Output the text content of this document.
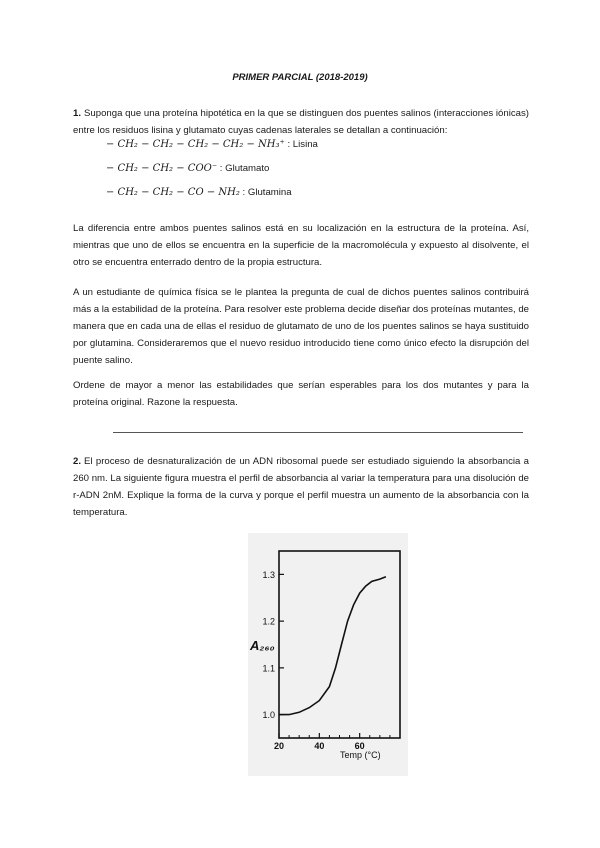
PRIMER PARCIAL (2018-2019)

1. Suponga que una proteína hipotética en la que se distinguen dos puentes salinos (interacciones iónicas) entre los residuos lisina y glutamato cuyas cadenas laterales se detallan a continuación:

− CH₂ − CH₂ − CH₂ − CH₂ − NH₃⁺ : Lisina
− CH₂ − CH₂ − COO⁻ : Glutamato
− CH₂ − CH₂ − CO − NH₂ : Glutamina

La diferencia entre ambos puentes salinos está en su localización en la estructura de la proteína. Así, mientras que uno de ellos se encuentra en la superficie de la macromolécula y expuesto al disolvente, el otro se encuentra enterrado dentro de la propia estructura.

A un estudiante de química física se le plantea la pregunta de cual de dichos puentes salinos contribuirá más a la estabilidad de la proteína. Para resolver este problema decide diseñar dos proteínas mutantes, de manera que en cada una de ellas el residuo de glutamato de uno de los puentes salinos se haya sustituido por glutamina. Consideraremos que el nuevo residuo introducido tiene como único efecto la disrupción del puente salino.

Ordene de mayor a menor las estabilidades que serían esperables para los dos mutantes y para la proteína original. Razone la respuesta.

2. El proceso de desnaturalización de un ADN ribosomal puede ser estudiado siguiendo la absorbancia a 260 nm. La siguiente figura muestra el perfil de absorbancia al variar la temperatura para una disolución de r-ADN 2nM. Explique la forma de la curva y porque el perfil muestra un aumento de la absorbancia con la temperatura.

1.0
1.1
1.2
1.3
20	40	60
A₂₆₀
Temp (°C)
